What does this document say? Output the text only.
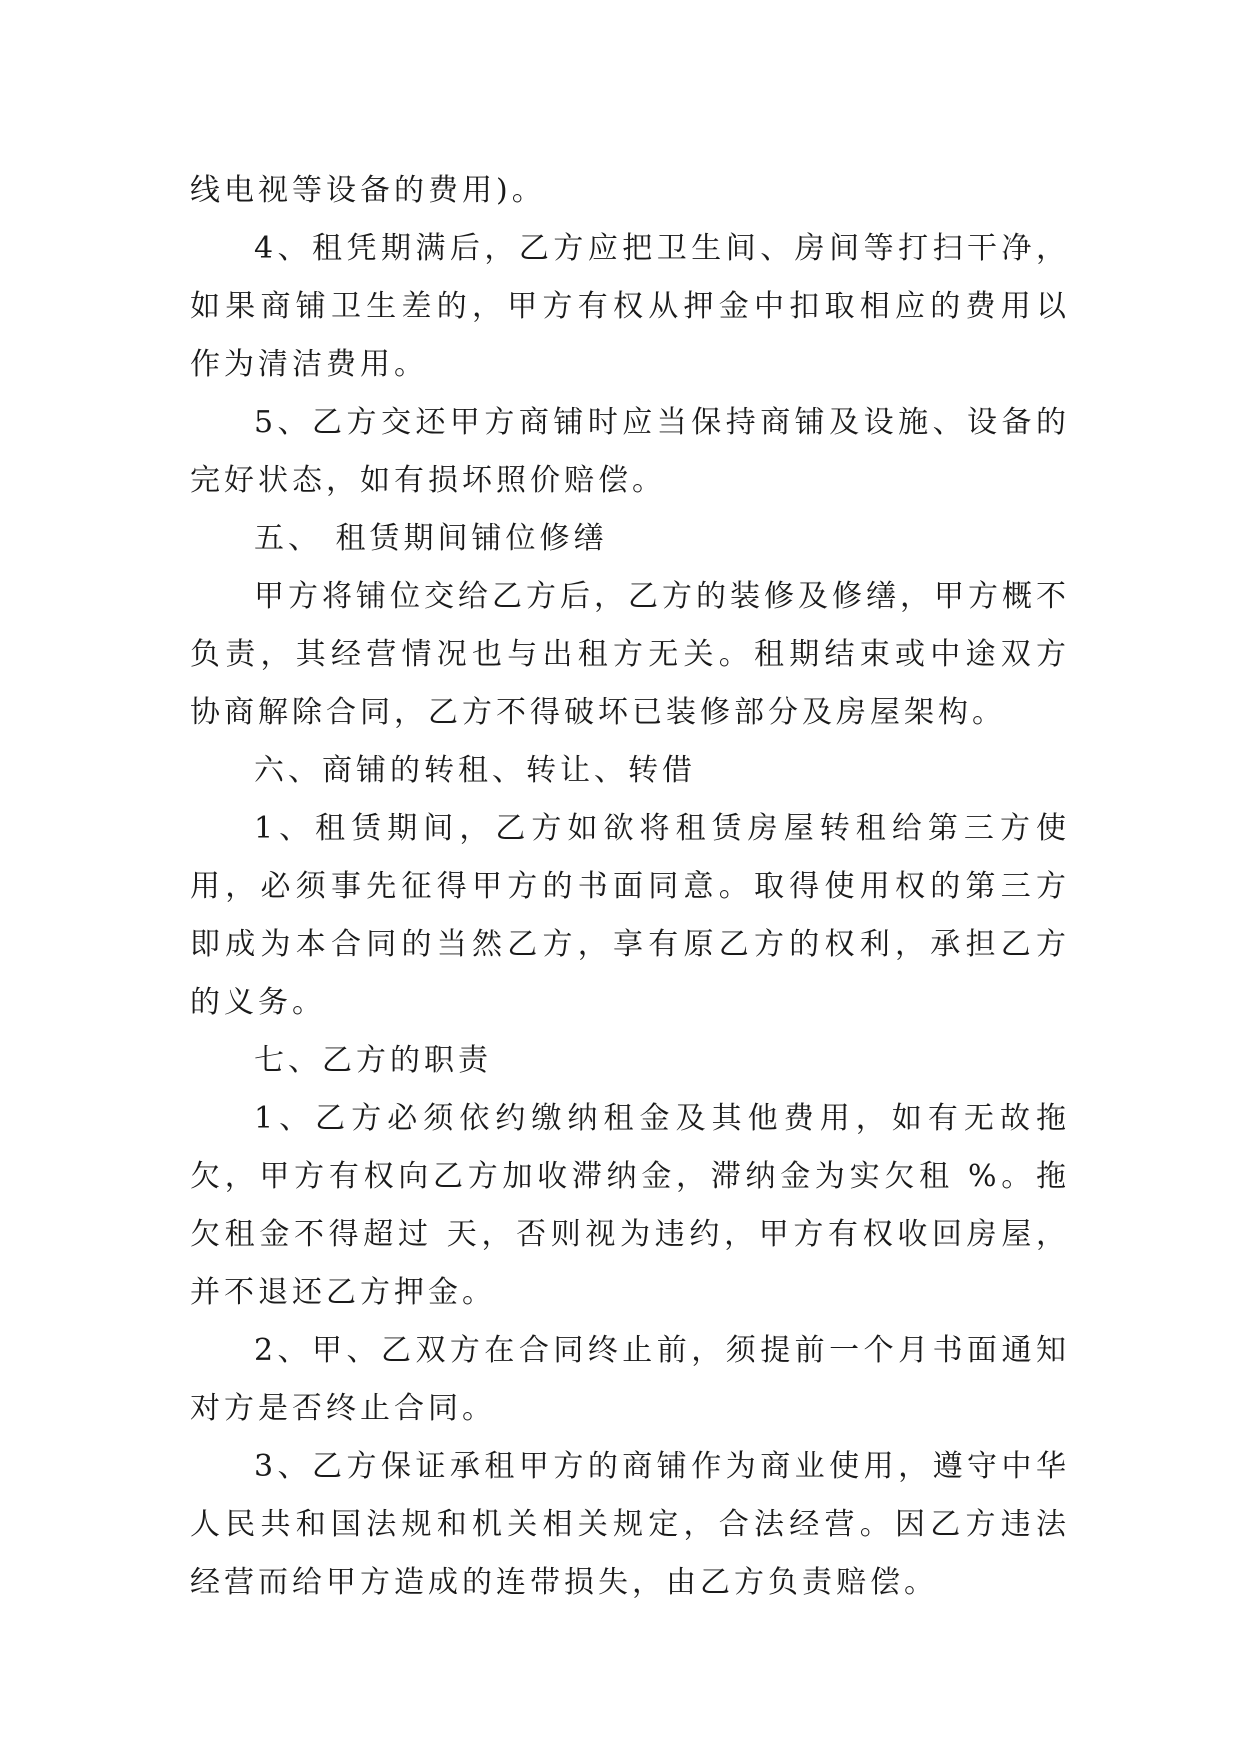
线电视等设备的费用)。

4、租凭期满后，乙方应把卫生间、房间等打扫干净，如果商铺卫生差的，甲方有权从押金中扣取相应的费用以作为清洁费用。

5、乙方交还甲方商铺时应当保持商铺及设施、设备的完好状态，如有损坏照价赔偿。

五、 租赁期间铺位修缮

甲方将铺位交给乙方后，乙方的装修及修缮，甲方概不负责，其经营情况也与出租方无关。租期结束或中途双方协商解除合同，乙方不得破坏已装修部分及房屋架构。

六、商铺的转租、转让、转借

1、租赁期间，乙方如欲将租赁房屋转租给第三方使用，必须事先征得甲方的书面同意。取得使用权的第三方即成为本合同的当然乙方，享有原乙方的权利，承担乙方的义务。

七、乙方的职责

1、乙方必须依约缴纳租金及其他费用，如有无故拖欠，甲方有权向乙方加收滞纳金，滞纳金为实欠租 %。拖欠租金不得超过 天，否则视为违约，甲方有权收回房屋，并不退还乙方押金。

2、甲、乙双方在合同终止前，须提前一个月书面通知对方是否终止合同。

3、乙方保证承租甲方的商铺作为商业使用，遵守中华人民共和国法规和机关相关规定，合法经营。因乙方违法经营而给甲方造成的连带损失，由乙方负责赔偿。
